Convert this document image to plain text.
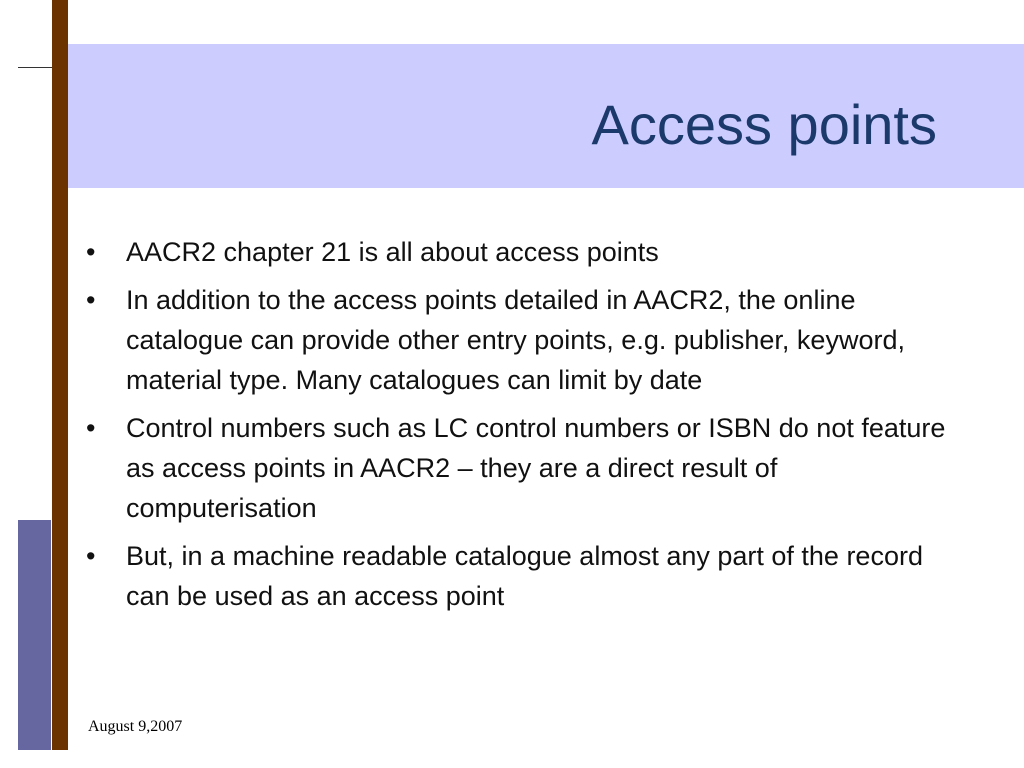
Access points
•	AACR2 chapter 21 is all about access points
•	In addition to the access points detailed in AACR2, the online catalogue can provide other entry points, e.g. publisher, keyword, material type. Many catalogues can limit by date
•	Control numbers such as LC control numbers or ISBN do not feature as access points in AACR2 – they are a direct result of computerisation
•	But, in a machine readable catalogue almost any part of the record can be used as an access point
August 9,2007
